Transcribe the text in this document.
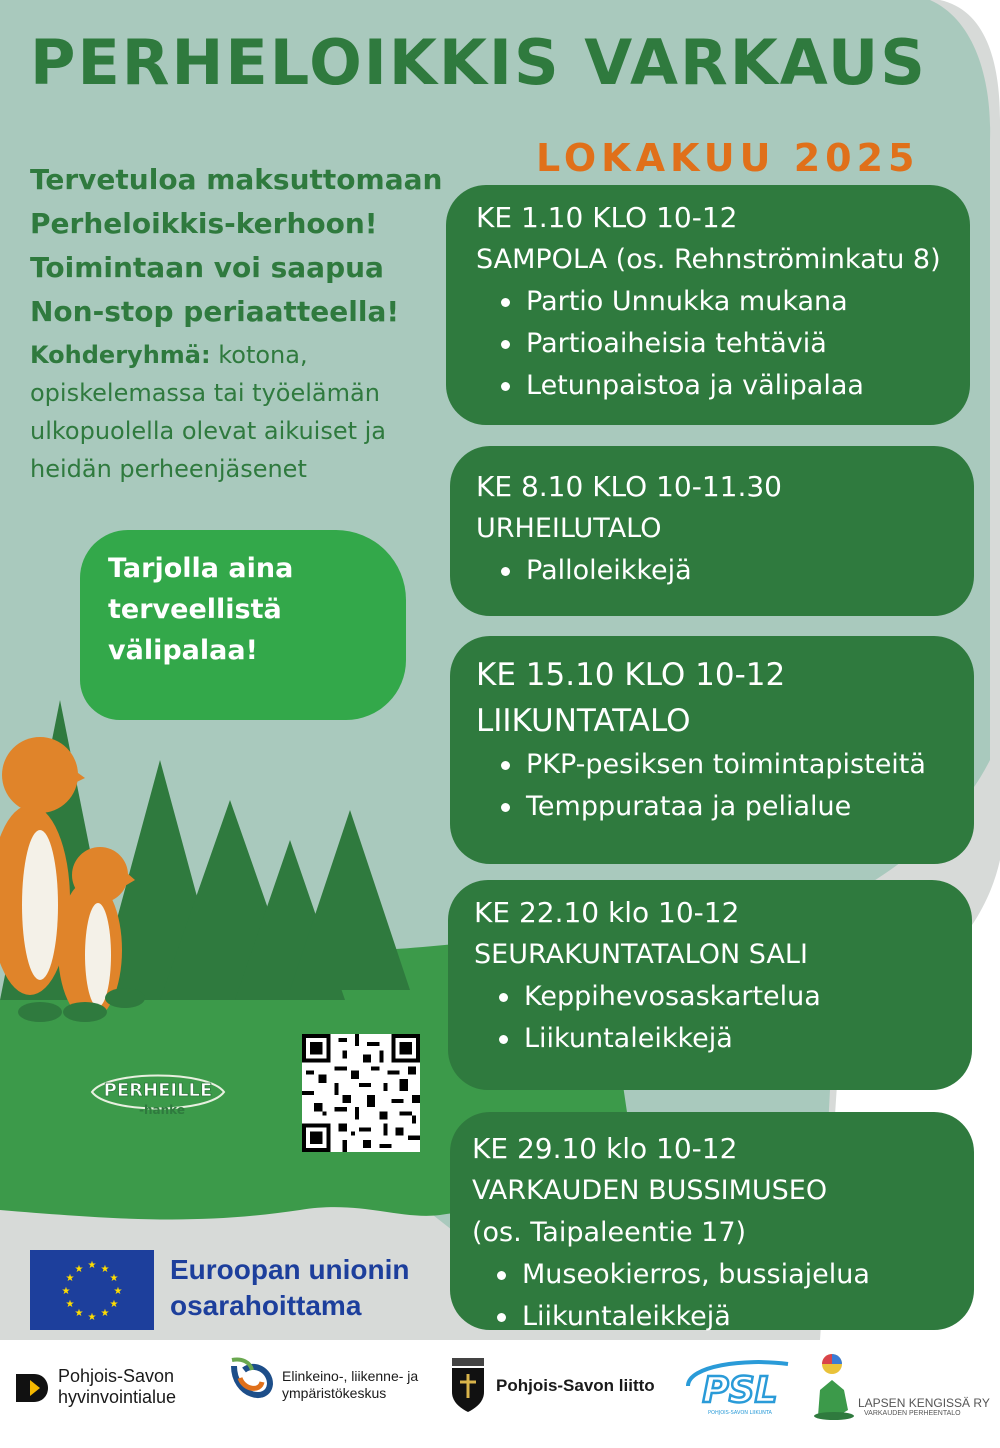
PERHELOIKKIS VARKAUS
LOKAKUU 2025
Tervetuloa maksuttomaan
Perheloikkis-kerhoon!
Toimintaan voi saapua
Non-stop periaatteella!
Kohderyhmä: kotona, opiskelemassa tai työelämän ulkopuolella olevat aikuiset ja heidän perheenjäsenet
Tarjolla aina
terveellistä
välipalaa!
KE 1.10 KLO 10-12
SAMPOLA (os. Rehnströminkatu 8)
Partio Unnukka mukana
Partioaiheisia tehtäviä
Letunpaistoa ja välipalaa
KE 8.10 KLO 10-11.30
URHEILUTALO
Palloleikkejä
KE 15.10 KLO 10-12
LIIKUNTATALO
PKP-pesiksen toimintapisteitä
Temppurataa ja pelialue
KE 22.10 klo 10-12
SEURAKUNTATALON SALI
Keppihevosaskartelua
Liikuntaleikkejä
KE 29.10 klo 10-12
VARKAUDEN BUSSIMUSEO
(os. Taipaleentie 17)
Museokierros, bussiajelua
Liikuntaleikkejä
PERHEILLE
-hanke
★ ★
★
★
★
★
★
★
★
★
★
★	Euroopan unionin
osarahoittama
Pohjois-Savon
hyvinvointialue
Elinkeino-, liikenne- ja
ympäristökeskus	Pohjois-Savon liitto PSL
POHJOIS-SAVON LIIKUNTA
LAPSEN KENGISSÄ RY
VARKAUDEN PERHEENTALO
